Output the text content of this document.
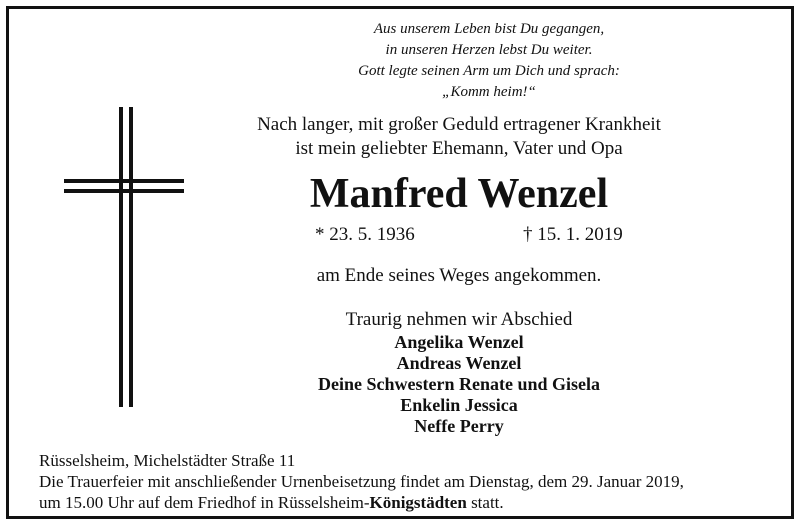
Aus unserem Leben bist Du gegangen,
in unseren Herzen lebst Du weiter.
Gott legte seinen Arm um Dich und sprach:
„Komm heim!“
Nach langer, mit großer Geduld ertragener Krankheit
ist mein geliebter Ehemann, Vater und Opa
Manfred Wenzel
* 23. 5. 1936	† 15. 1. 2019
am Ende seines Weges angekommen.
Traurig nehmen wir Abschied
Angelika Wenzel
Andreas Wenzel
Deine Schwestern Renate und Gisela
Enkelin Jessica
Neffe Perry
Rüsselsheim, Michelstädter Straße 11
Die Trauerfeier mit anschließender Urnenbeisetzung findet am Dienstag, dem 29. Januar 2019,
um 15.00 Uhr auf dem Friedhof in Rüsselsheim-Königstädten statt.
